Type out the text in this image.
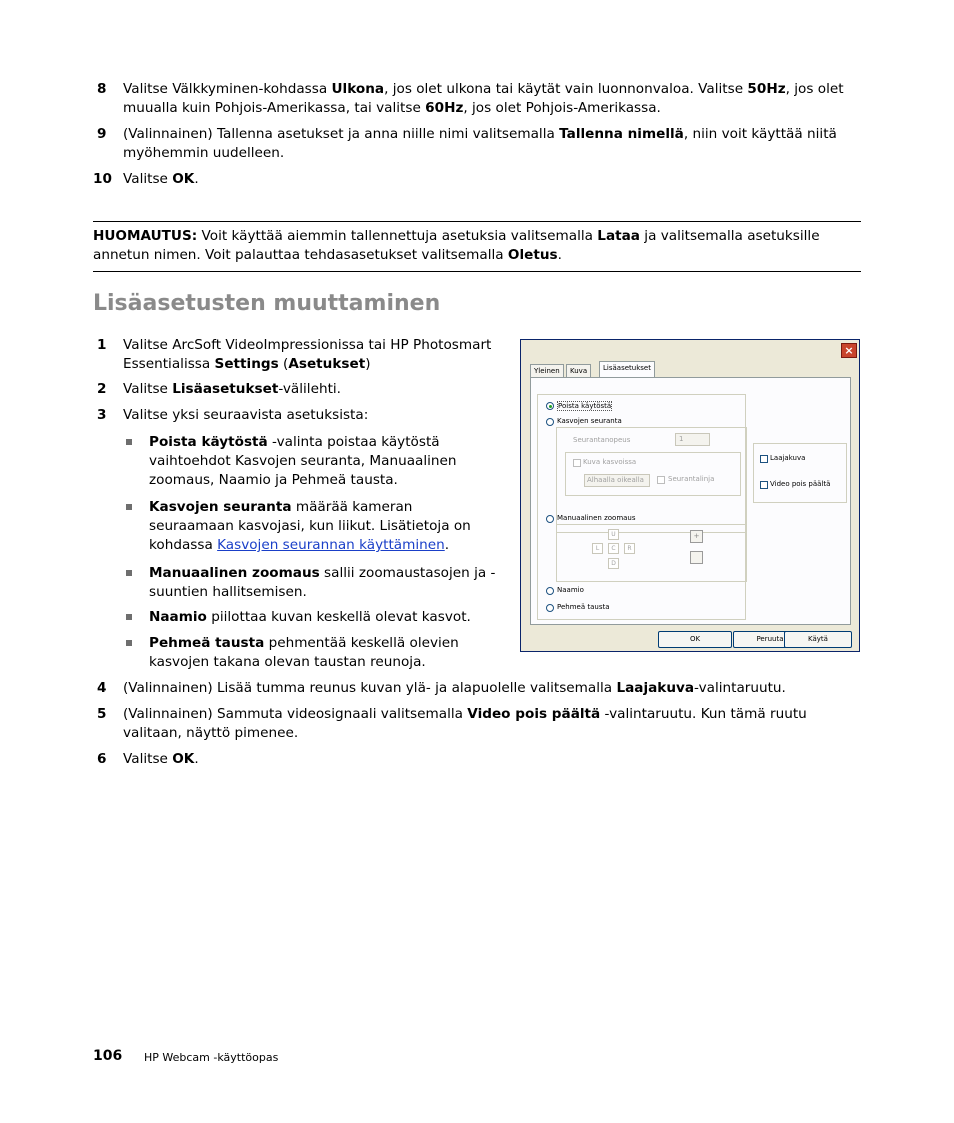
8 Valitse Välkkyminen-kohdassa Ulkona, jos olet ulkona tai käytät vain luonnonvaloa. Valitse 50Hz, jos olet muualla kuin Pohjois-Amerikassa, tai valitse 60Hz, jos olet Pohjois-Amerikassa.
9 (Valinnainen) Tallenna asetukset ja anna niille nimi valitsemalla Tallenna nimellä, niin voit käyttää niitä myöhemmin uudelleen.
10 Valitse OK.
HUOMAUTUS: Voit käyttää aiemmin tallennettuja asetuksia valitsemalla Lataa ja valitsemalla asetuksille annetun nimen. Voit palauttaa tehdasasetukset valitsemalla Oletus.
Lisäasetusten muuttaminen
1 Valitse ArcSoft VideoImpressionissa tai HP Photosmart Essentialissa Settings (Asetukset)
2 Valitse Lisäasetukset-välilehti.
3 Valitse yksi seuraavista asetuksista:
Poista käytöstä -valinta poistaa käytöstä vaihtoehdot Kasvojen seuranta, Manuaalinen zoomaus, Naamio ja Pehmeä tausta.
Kasvojen seuranta määrää kameran seuraamaan kasvojasi, kun liikut. Lisätietoja on kohdassa Kasvojen seurannan käyttäminen.
Manuaalinen zoomaus sallii zoomaustasojen ja -suuntien hallitsemisen.
Naamio piilottaa kuvan keskellä olevat kasvot.
Pehmeä tausta pehmentää keskellä olevien kasvojen takana olevan taustan reunoja.
4 (Valinnainen) Lisää tumma reunus kuvan ylä- ja alapuolelle valitsemalla Laajakuva-valintaruutu.
5 (Valinnainen) Sammuta videosignaali valitsemalla Video pois päältä -valintaruutu. Kun tämä ruutu valitaan, näyttö pimenee.
6 Valitse OK.
×
Yleinen	Kuva	Lisäasetukset
Poista käytöstä
Kasvojen seuranta
Seurantanopeus	1
Kuva kasvoissa
Alhaalla oikealla	Seurantalinja
Manuaalinen zoomaus
U
L	C	R
D
+
Naamio
Pehmeä tausta
Laajakuva
Video pois päältä
OK	Peruuta	Käytä
106 HP Webcam -käyttöopas
